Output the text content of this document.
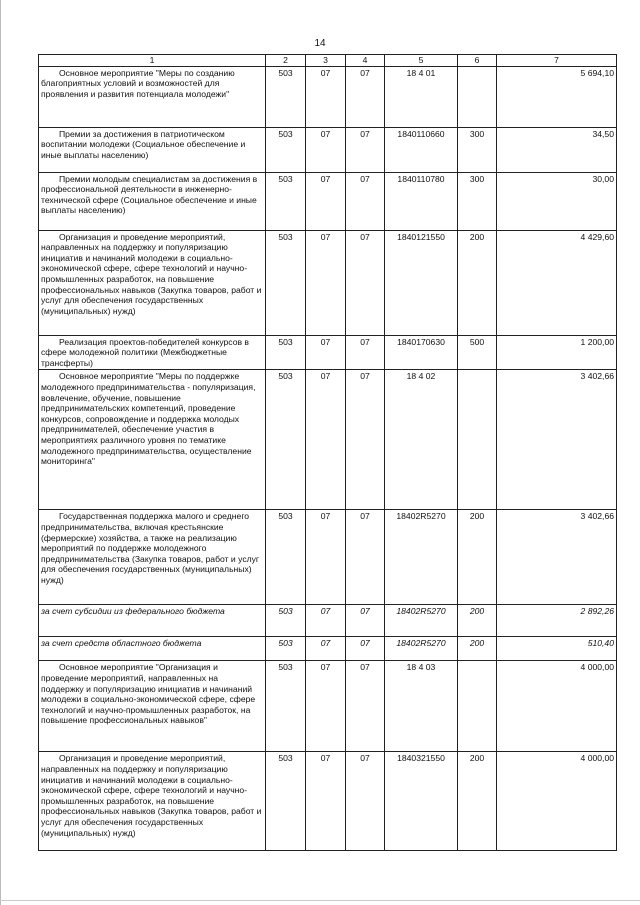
14
1	2	3	4	5	6	7

Основное мероприятие "Меры по созданию благоприятных условий и возможностей для проявления и развития потенциала молодежи"	503	07	07	18 4 01		5 694,10

Премии за достижения в патриотическом воспитании молодежи (Социальное обеспечение и иные выплаты населению)	503	07	07	1840110660	300	34,50

Премии молодым специалистам за достижения в профессиональной деятельности в инженерно-технической сфере (Социальное обеспечение и иные выплаты населению)	503	07	07	1840110780	300	30,00

Организация и проведение мероприятий, направленных на поддержку и популяризацию инициатив и начинаний молодежи в социально-экономической сфере, сфере технологий и научно-промышленных разработок, на повышение профессиональных навыков (Закупка товаров, работ и услуг для обеспечения государственных (муниципальных) нужд)	503	07	07	1840121550	200	4 429,60

Реализация проектов-победителей конкурсов в сфере молодежной политики (Межбюджетные трансферты)	503	07	07	1840170630	500	1 200,00

Основное мероприятие "Меры по поддержке молодежного предпринимательства - популяризация, вовлечение, обучение, повышение предпринимательских компетенций, проведение конкурсов, сопровождение и поддержка молодых предпринимателей, обеспечение участия в мероприятиях различного уровня по тематике молодежного предпринимательства, осуществление мониторинга"	503	07	07	18 4 02		3 402,66

Государственная поддержка малого и среднего предпринимательства, включая крестьянские (фермерские) хозяйства, а также на реализацию мероприятий по поддержке молодежного предпринимательства (Закупка товаров, работ и услуг для обеспечения государственных (муниципальных) нужд)	503	07	07	18402R5270	200	3 402,66

за счет субсидии из федерального бюджета	503	07	07	18402R5270	200	2 892,26

за счет средств областного бюджета	503	07	07	18402R5270	200	510,40

Основное мероприятие "Организация и проведение мероприятий, направленных на поддержку и популяризацию инициатив и начинаний молодежи в социально-экономической сфере, сфере технологий и научно-промышленных разработок, на повышение профессиональных навыков"	503	07	07	18 4 03		4 000,00

Организация и проведение мероприятий, направленных на поддержку и популяризацию инициатив и начинаний молодежи в социально-экономической сфере, сфере технологий и научно-промышленных разработок, на повышение профессиональных навыков (Закупка товаров, работ и услуг для обеспечения государственных (муниципальных) нужд)	503	07	07	1840321550	200	4 000,00
